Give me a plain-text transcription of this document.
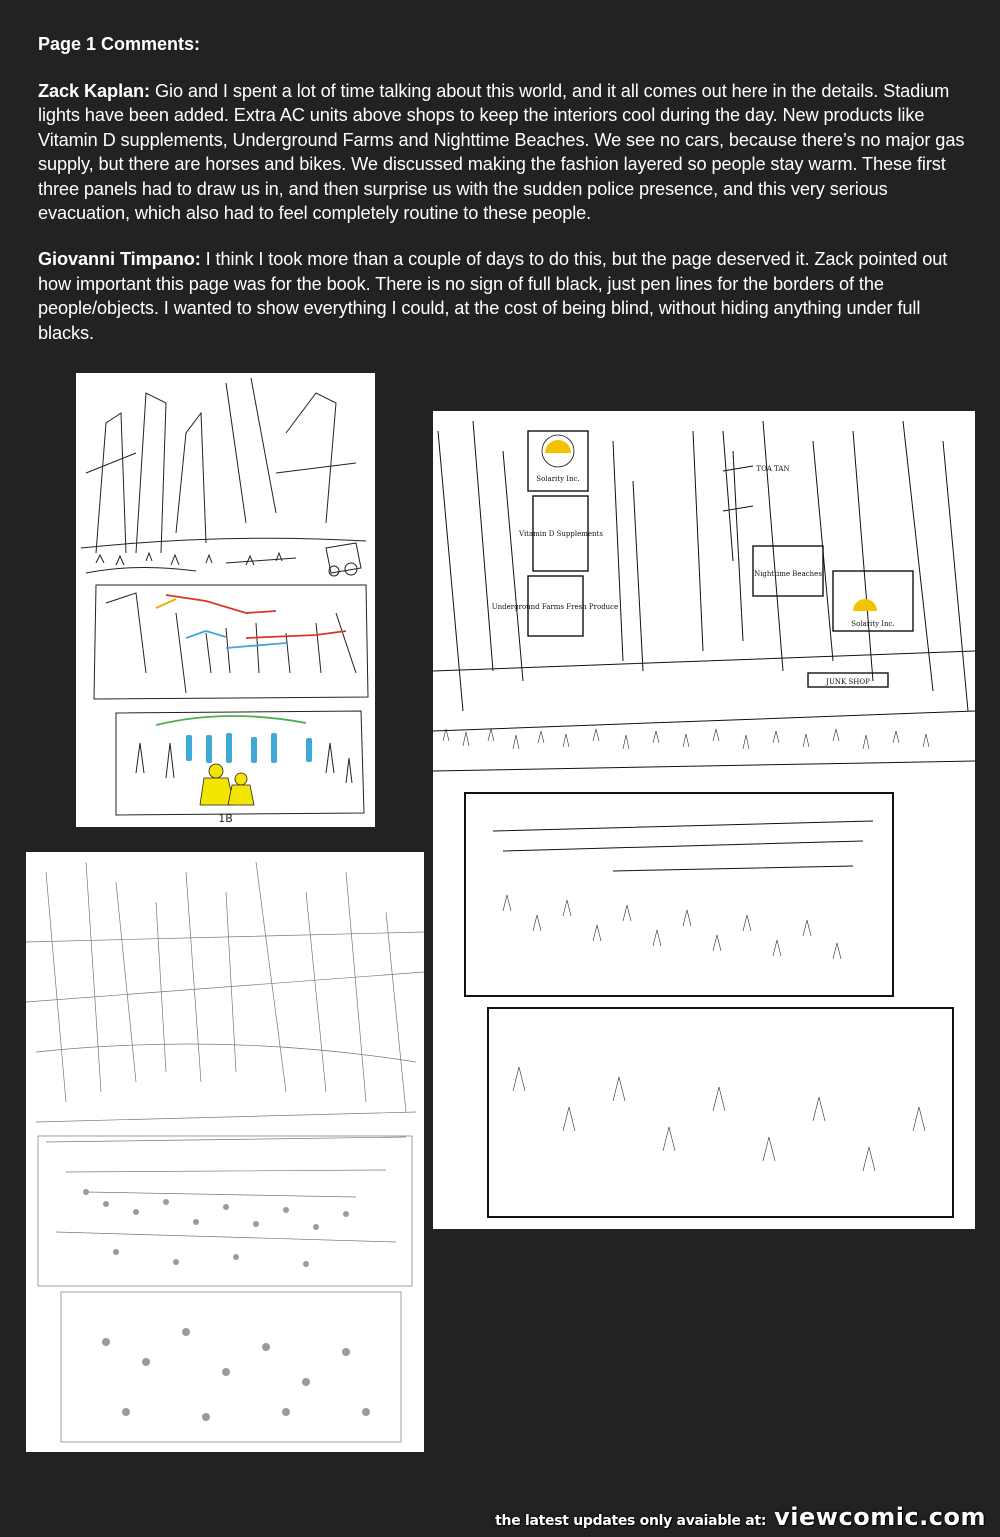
Page 1 Comments:

Zack Kaplan: Gio and I spent a lot of time talking about this world, and it all comes out here in the details. Stadium lights have been added. Extra AC units above shops to keep the interiors cool during the day. New products like Vitamin D supplements, Underground Farms and Nighttime Beaches. We see no cars, because there’s no major gas supply, but there are horses and bikes. We discussed making the fashion layered so people stay warm. These first three panels had to draw us in, and then surprise us with the sudden police presence, and this very serious evacuation, which also had to feel completely routine to these people.

Giovanni Timpano: I think I took more than a couple of days to do this, but the page deserved it. Zack pointed out how important this page was for the book. There is no sign of full black, just pen lines for the borders of the people/objects. I wanted to show everything I could, at the cost of being blind, without hiding anything under full blacks.

1B
Solarity Inc.
Vitamin D Supplements
Underground Farms Fresh Produce
Nighttime Beaches
JUNK SHOP
TOA TAN
Solarity Inc.
the latest updates only avaiable at: viewcomic.com
